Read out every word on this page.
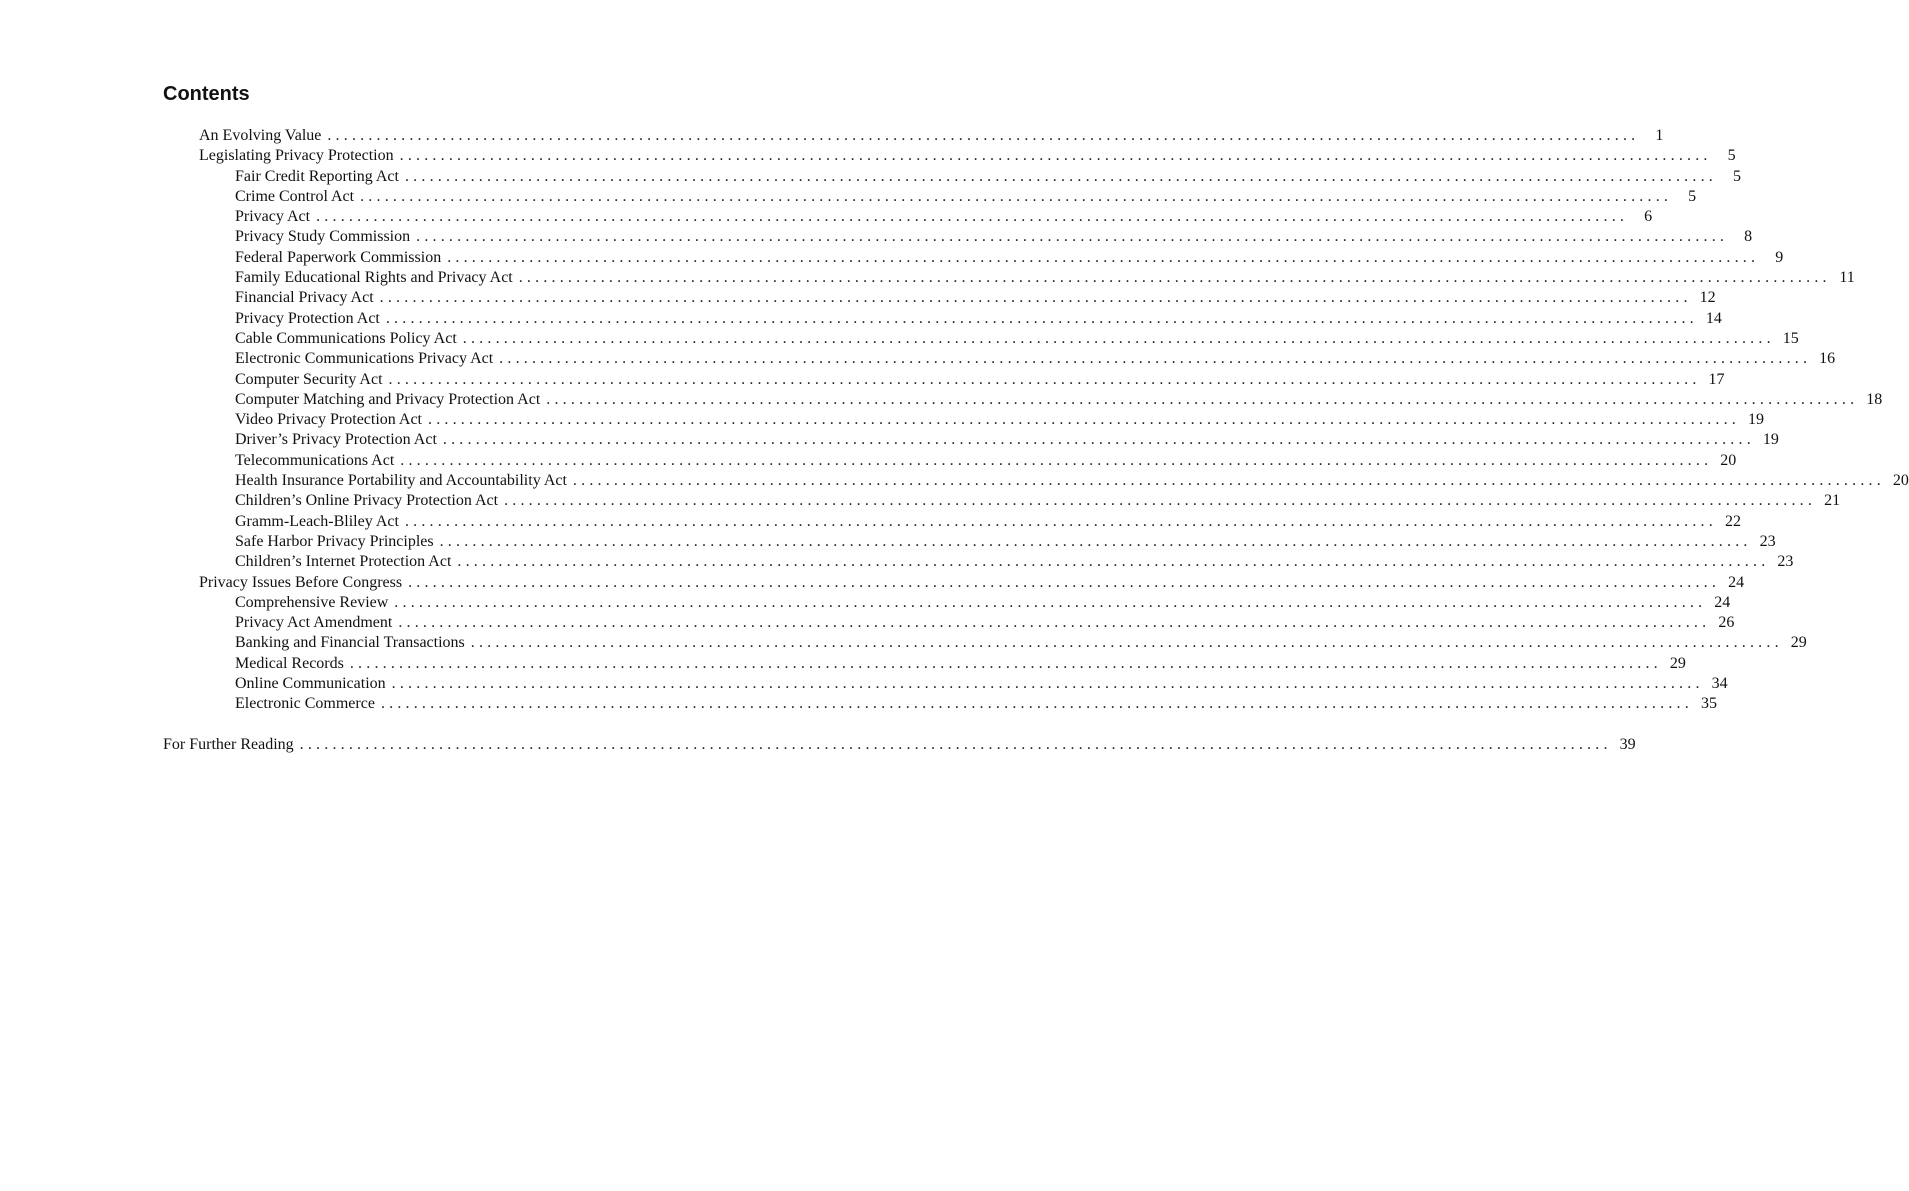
Contents
An Evolving Value ................................................................................................................................................................	1
Legislating Privacy Protection ................................................................................................................................................................	5
Fair Credit Reporting Act ................................................................................................................................................................	5
Crime Control Act ................................................................................................................................................................	5
Privacy Act ................................................................................................................................................................	6
Privacy Study Commission ................................................................................................................................................................	8
Federal Paperwork Commission ................................................................................................................................................................	9
Family Educational Rights and Privacy Act ................................................................................................................................................................ 11
Financial Privacy Act ................................................................................................................................................................ 12
Privacy Protection Act ................................................................................................................................................................ 14
Cable Communications Policy Act ................................................................................................................................................................ 15
Electronic Communications Privacy Act ................................................................................................................................................................ 16
Computer Security Act ................................................................................................................................................................ 17
Computer Matching and Privacy Protection Act ................................................................................................................................................................ 18
Video Privacy Protection Act ................................................................................................................................................................ 19
Driver’s Privacy Protection Act ................................................................................................................................................................ 19
Telecommunications Act ................................................................................................................................................................ 20
Health Insurance Portability and Accountability Act ................................................................................................................................................................ 20
Children’s Online Privacy Protection Act ................................................................................................................................................................ 21
Gramm-Leach-Bliley Act ................................................................................................................................................................ 22
Safe Harbor Privacy Principles ................................................................................................................................................................ 23
Children’s Internet Protection Act ................................................................................................................................................................ 23
Privacy Issues Before Congress ................................................................................................................................................................ 24
Comprehensive Review ................................................................................................................................................................ 24
Privacy Act Amendment ................................................................................................................................................................ 26
Banking and Financial Transactions ................................................................................................................................................................ 29
Medical Records ................................................................................................................................................................ 29
Online Communication ................................................................................................................................................................ 34
Electronic Commerce ................................................................................................................................................................ 35
For Further Reading ................................................................................................................................................................ 39
